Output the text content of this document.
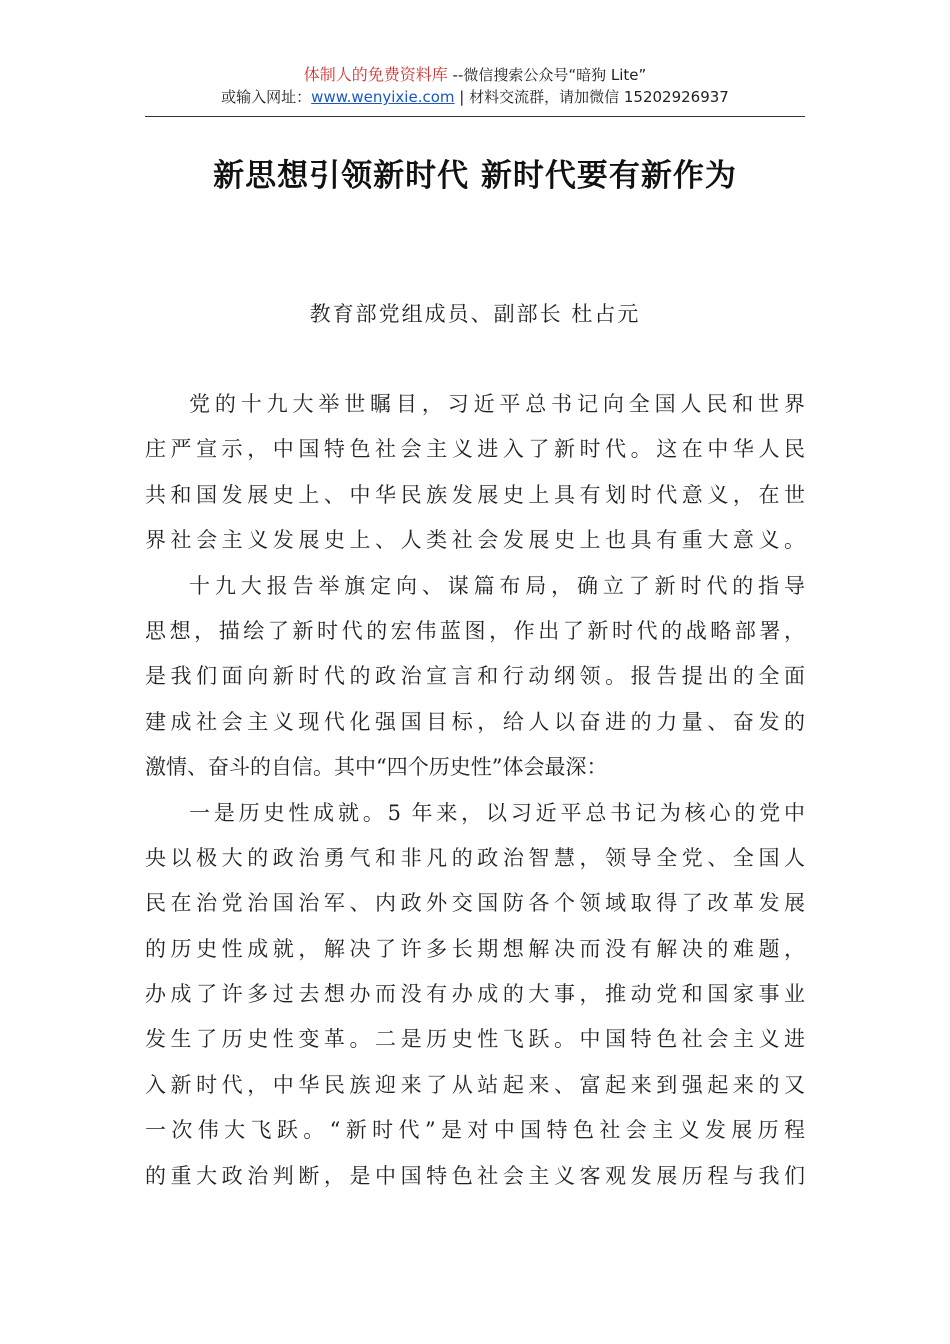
体制人的免费资料库 --微信搜索公众号“暗狗 Lite”
或输入网址：www.wenyixie.com | 材料交流群，请加微信 15202926937
新思想引领新时代 新时代要有新作为
教育部党组成员、副部长 杜占元
党的十九大举世瞩目，习近平总书记向全国人民和世界
庄严宣示，中国特色社会主义进入了新时代。这在中华人民
共和国发展史上、中华民族发展史上具有划时代意义，在世
界社会主义发展史上、人类社会发展史上也具有重大意义。
十九大报告举旗定向、谋篇布局，确立了新时代的指导
思想，描绘了新时代的宏伟蓝图，作出了新时代的战略部署，
是我们面向新时代的政治宣言和行动纲领。报告提出的全面
建成社会主义现代化强国目标，给人以奋进的力量、奋发的
激情、奋斗的自信。其中“四个历史性”体会最深：
一是历史性成就。5 年来，以习近平总书记为核心的党中
央以极大的政治勇气和非凡的政治智慧，领导全党、全国人
民在治党治国治军、内政外交国防各个领域取得了改革发展
的历史性成就，解决了许多长期想解决而没有解决的难题，
办成了许多过去想办而没有办成的大事，推动党和国家事业
发生了历史性变革。二是历史性飞跃。中国特色社会主义进
入新时代，中华民族迎来了从站起来、富起来到强起来的又
一次伟大飞跃。“新时代”是对中国特色社会主义发展历程
的重大政治判断，是中国特色社会主义客观发展历程与我们
